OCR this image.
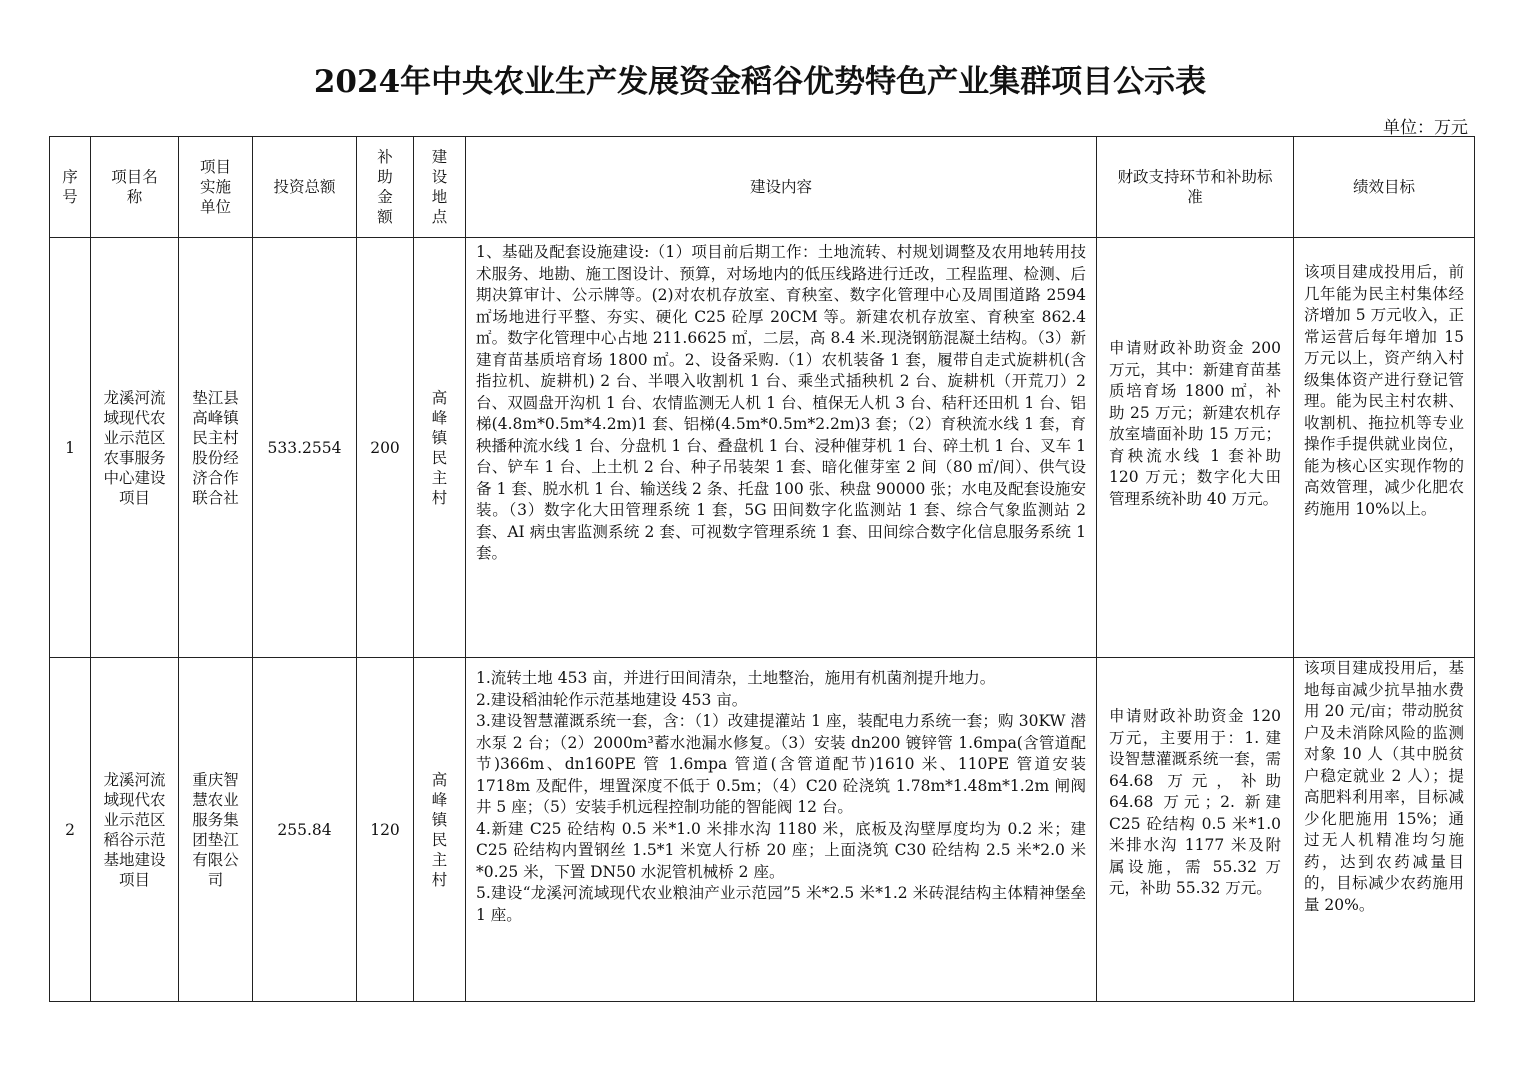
2024年中央农业生产发展资金稻谷优势特色产业集群项目公示表
单位：万元
序号	项目名称	项目实施单位	投资总额	补助金额	建设地点	建设内容	财政支持环节和补助标准	绩效目标
1	龙溪河流域现代农业示范区农事服务中心建设项目	垫江县高峰镇民主村股份经济合作联合社	533.2554	200	高峰镇民主村	1、基础及配套设施建设:（1）项目前后期工作：土地流转、村规划调整及农用地转用技术服务、地勘、施工图设计、预算，对场地内的低压线路进行迁改，工程监理、检测、后期决算审计、公示牌等。(2)对农机存放室、育秧室、数字化管理中心及周围道路 2594 ㎡场地进行平整、夯实、硬化 C25 砼厚 20CM 等。新建农机存放室、育秧室 862.4 ㎡。数字化管理中心占地 211.6625 ㎡，二层，高 8.4 米.现浇钢筋混凝土结构。（3）新建育苗基质培育场 1800 ㎡。2、设备采购.（1）农机装备 1 套，履带自走式旋耕机(含指拉机、旋耕机) 2 台、半喂入收割机 1 台、乘坐式插秧机 2 台、旋耕机（开荒刀）2 台、双圆盘开沟机 1 台、农情监测无人机 1 台、植保无人机 3 台、秸秆还田机 1 台、铝梯(4.8m*0.5m*4.2m)1 套、铝梯(4.5m*0.5m*2.2m)3 套；（2）育秧流水线 1 套，育秧播种流水线 1 台、分盘机 1 台、叠盘机 1 台、浸种催芽机 1 台、碎土机 1 台、叉车 1 台、铲车 1 台、上土机 2 台、种子吊装架 1 套、暗化催芽室 2 间（80 ㎡/间）、供气设备 1 套、脱水机 1 台、输送线 2 条、托盘 100 张、秧盘 90000 张；水电及配套设施安装。（3）数字化大田管理系统 1 套，5G 田间数字化监测站 1 套、综合气象监测站 2 套、AI 病虫害监测系统 2 套、可视数字管理系统 1 套、田间综合数字化信息服务系统 1 套。	申请财政补助资金 200 万元，其中：新建育苗基质培育场 1800 ㎡，补助 25 万元；新建农机存放室墙面补助 15 万元；育秧流水线 1 套补助 120 万元；数字化大田管理系统补助 40 万元。	该项目建成投用后，前几年能为民主村集体经济增加 5 万元收入，正常运营后每年增加 15 万元以上，资产纳入村级集体资产进行登记管理。能为民主村农耕、收割机、拖拉机等专业操作手提供就业岗位，能为核心区实现作物的高效管理，减少化肥农药施用 10%以上。
2	龙溪河流域现代农业示范区稻谷示范基地建设项目	重庆智慧农业服务集团垫江有限公司	255.84	120	高峰镇民主村	1.流转土地 453 亩，并进行田间清杂，土地整治，施用有机菌剂提升地力。

2.建设稻油轮作示范基地建设 453 亩。

3.建设智慧灌溉系统一套，含：（1）改建提灌站 1 座，装配电力系统一套；购 30KW 潜水泵 2 台；（2）2000m³蓄水池漏水修复。（3）安装 dn200 镀锌管 1.6mpa(含管道配节)366m、dn160PE 管 1.6mpa 管道(含管道配节)1610 米、110PE 管道安装 1718m 及配件，埋置深度不低于 0.5m；（4）C20 砼浇筑 1.78m*1.48m*1.2m 闸阀井 5 座；（5）安装手机远程控制功能的智能阀 12 台。

4.新建 C25 砼结构 0.5 米*1.0 米排水沟 1180 米，底板及沟壁厚度均为 0.2 米；建 C25 砼结构内置钢丝 1.5*1 米宽人行桥 20 座；上面浇筑 C30 砼结构 2.5 米*2.0 米*0.25 米，下置 DN50 水泥管机械桥 2 座。

5.建设“龙溪河流域现代农业粮油产业示范园”5 米*2.5 米*1.2 米砖混结构主体精神堡垒 1 座。	申请财政补助资金 120 万元，主要用于：1. 建设智慧灌溉系统一套，需 64.68 万元，补助 64.68 万元；2. 新建 C25 砼结构 0.5 米*1.0 米排水沟 1177 米及附属设施，需 55.32 万元，补助 55.32 万元。	该项目建成投用后，基地每亩减少抗旱抽水费用 20 元/亩；带动脱贫户及未消除风险的监测对象 10 人（其中脱贫户稳定就业 2 人）；提高肥料利用率，目标减少化肥施用 15%；通过无人机精准均匀施药，达到农药减量目的，目标减少农药施用量 20%。
